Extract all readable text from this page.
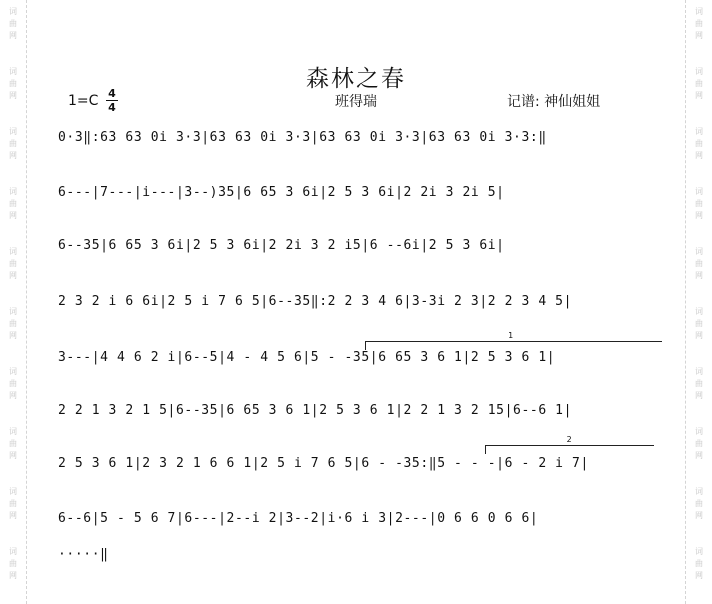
词
曲
网
词
曲
网
词
曲
网
词
曲
网
词
曲
网
词
曲
网
词
曲
网
词
曲
网
词
曲
网
词
曲
网
词
曲
网
词
曲
网
词
曲
网
词
曲
网
词
曲
网
词
曲
网
词
曲
网
词
曲
网
词
曲
网
词
曲
网
森林之春
1=C 4
4	班得瑞	记谱: 神仙姐姐
0·3‖:63 63 0i 3·3|63 63 0i 3·3|63 63 0i 3·3|63 63 0i 3·3:‖
6---|7---|i---|3--)35|6 65 3 6i|2 5 3 6i|2 2i 3 2i 5|
6--35|6 65 3 6i|2 5 3 6i|2 2i 3 2 i5|6 --6i|2 5 3 6i|
2 3 2 i 6 6i|2 5 i 7 6 5|6--35‖:2 2 3 4 6|3-3i 2 3|2 2 3 4 5|
1
3---|4 4 6 2 i|6--5|4 - 4 5 6|5 - -35|6 65 3 6 1|2 5 3 6 1|
2 2 1 3 2 1 5|6--35|6 65 3 6 1|2 5 3 6 1|2 2 1 3 2 15|6--6 1|
2
2 5 3 6 1|2 3 2 1 6 6 1|2 5 i 7 6 5|6 - -35:‖5 - - -|6 - 2 i 7|
6--6|5 - 5 6 7|6---|2--i 2|3--2|i·6 i 3|2---|0 6 6 0 6 6|
·····‖
